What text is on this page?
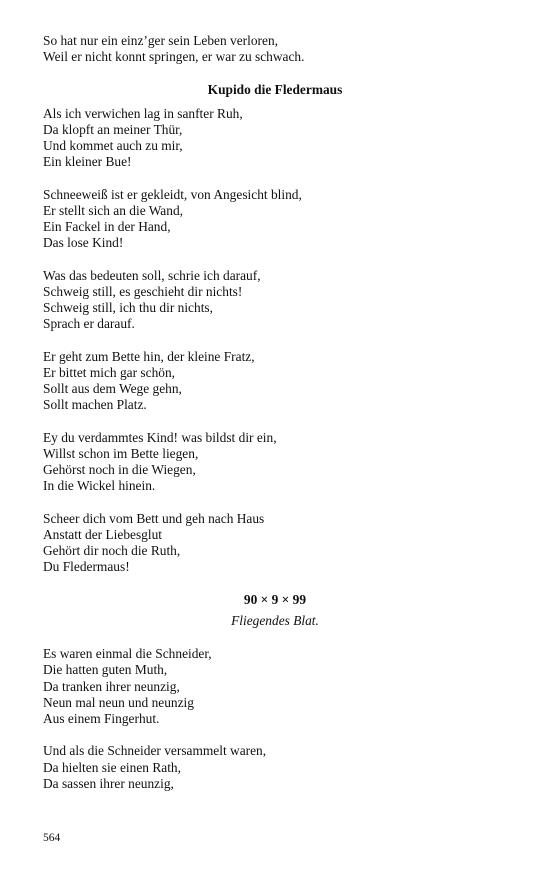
So hat nur ein einz’ger sein Leben verloren,
Weil er nicht konnt springen, er war zu schwach.
Kupido die Fledermaus
Als ich verwichen lag in sanfter Ruh,
Da klopft an meiner Thür,
Und kommet auch zu mir,
Ein kleiner Bue!
Schneeweiß ist er gekleidt, von Angesicht blind,
Er stellt sich an die Wand,
Ein Fackel in der Hand,
Das lose Kind!
Was das bedeuten soll, schrie ich darauf,
Schweig still, es geschieht dir nichts!
Schweig still, ich thu dir nichts,
Sprach er darauf.
Er geht zum Bette hin, der kleine Fratz,
Er bittet mich gar schön,
Sollt aus dem Wege gehn,
Sollt machen Platz.
Ey du verdammtes Kind! was bildst dir ein,
Willst schon im Bette liegen,
Gehörst noch in die Wiegen,
In die Wickel hinein.
Scheer dich vom Bett und geh nach Haus
Anstatt der Liebesglut
Gehört dir noch die Ruth,
Du Fledermaus!
90 × 9 × 99
Fliegendes Blat.
Es waren einmal die Schneider,
Die hatten guten Muth,
Da tranken ihrer neunzig,
Neun mal neun und neunzig
Aus einem Fingerhut.
Und als die Schneider versammelt waren,
Da hielten sie einen Rath,
Da sassen ihrer neunzig,
564
